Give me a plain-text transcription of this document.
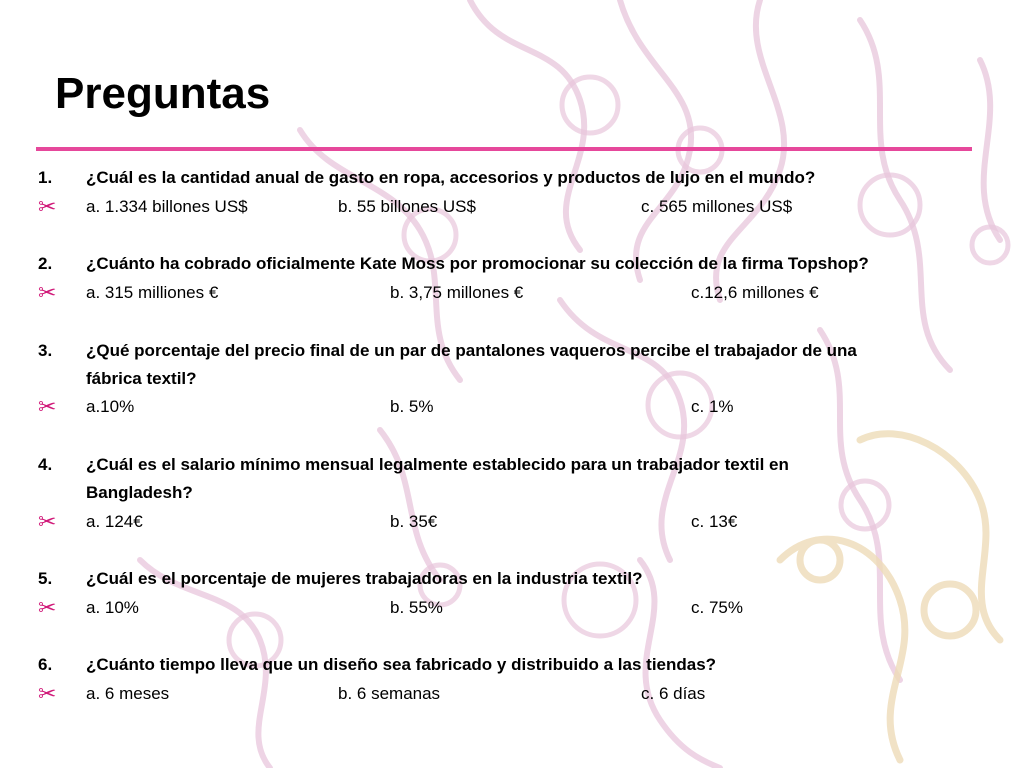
Preguntas
1. ¿Cuál es la cantidad anual de gasto en ropa, accesorios y productos de lujo en el mundo?
✂ a. 1.334 billones US$	b. 55 billones US$	c. 565 millones US$
2. ¿Cuánto ha cobrado oficialmente Kate Moss por promocionar su colección de la firma Topshop?
✂ a. 315 milliones €	b. 3,75 millones €	c.12,6 millones €
3. ¿Qué porcentaje del precio final de un par de pantalones vaqueros percibe el trabajador de una
fábrica textil?
✂ a.10%	b. 5%	c. 1%
4. ¿Cuál es el salario mínimo mensual legalmente establecido para un trabajador textil en
Bangladesh?
✂ a. 124€	b. 35€	c. 13€
5. ¿Cuál es el porcentaje de mujeres trabajadoras en la industria textil?
✂ a. 10%	b. 55%	c. 75%
6. ¿Cuánto tiempo lleva que un diseño sea fabricado y distribuido a las tiendas?
✂ a. 6 meses	b. 6 semanas	c. 6 días
